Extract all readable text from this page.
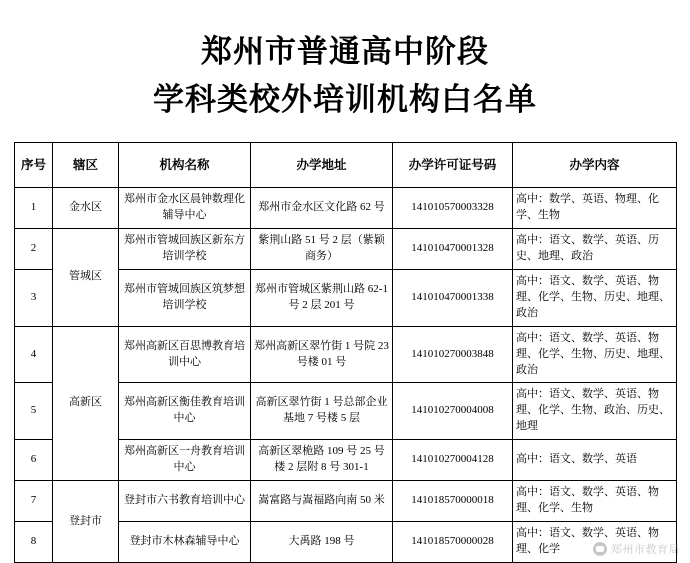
郑州市普通高中阶段
学科类校外培训机构白名单
序号	辖区	机构名称	办学地址	办学许可证号码	办学内容
1	金水区	郑州市金水区晨钟数理化辅导中心	郑州市金水区文化路 62 号	141010570003328	高中：数学、英语、物理、化学、生物
2	管城区	郑州市管城回族区新东方培训学校	紫荆山路 51 号 2 层（紫颖商务）	141010470001328	高中：语文、数学、英语、历史、地理、政治
3		郑州市管城回族区筑梦想培训学校	郑州市管城区紫荆山路 62-1 号 2 层 201 号	141010470001338	高中：语文、数学、英语、物理、化学、生物、历史、地理、政治
4	高新区	郑州高新区百思博教育培训中心	郑州高新区翠竹街 1 号院 23 号楼 01 号	141010270003848	高中：语文、数学、英语、物理、化学、生物、历史、地理、政治
5		郑州高新区衡佳教育培训中心	高新区翠竹街 1 号总部企业基地 7 号楼 5 层	141010270004008	高中：语文、数学、英语、物理、化学、生物、政治、历史、地理
6		郑州高新区一舟教育培训中心	高新区翠桅路 109 号 25 号楼 2 层附 8 号 301-1	141010270004128	高中：语文、数学、英语
7	登封市	登封市六书教育培训中心	嵩富路与嵩福路向南 50 米	141018570000018	高中：语文、数学、英语、物理、化学、生物
8		登封市木林森辅导中心	大禹路 198 号	141018570000028	高中：语文、数学、英语、物理、化学	郑州市教育局
